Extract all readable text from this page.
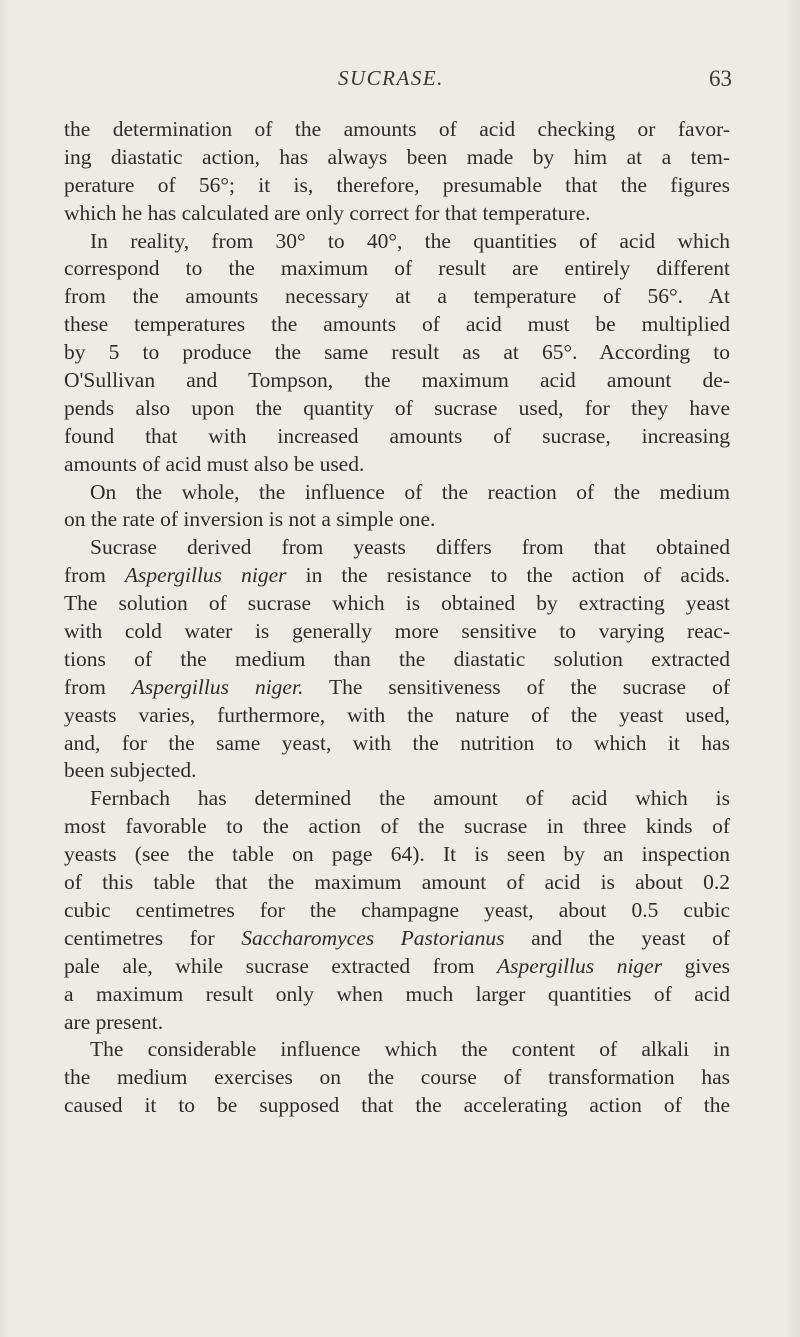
SUCRASE.	63
the determination of the amounts of acid checking or favor-
ing diastatic action, has always been made by him at a tem-
perature of 56°; it is, therefore, presumable that the figures
which he has calculated are only correct for that temperature.
In reality, from 30° to 40°, the quantities of acid which
correspond to the maximum of result are entirely different
from the amounts necessary at a temperature of 56°. At
these temperatures the amounts of acid must be multiplied
by 5 to produce the same result as at 65°. According to
O'Sullivan and Tompson, the maximum acid amount de-
pends also upon the quantity of sucrase used, for they have
found that with increased amounts of sucrase, increasing
amounts of acid must also be used.
On the whole, the influence of the reaction of the medium
on the rate of inversion is not a simple one.
Sucrase derived from yeasts differs from that obtained
from Aspergillus niger in the resistance to the action of acids.
The solution of sucrase which is obtained by extracting yeast
with cold water is generally more sensitive to varying reac-
tions of the medium than the diastatic solution extracted
from Aspergillus niger. The sensitiveness of the sucrase of
yeasts varies, furthermore, with the nature of the yeast used,
and, for the same yeast, with the nutrition to which it has
been subjected.
Fernbach has determined the amount of acid which is
most favorable to the action of the sucrase in three kinds of
yeasts (see the table on page 64). It is seen by an inspection
of this table that the maximum amount of acid is about 0.2
cubic centimetres for the champagne yeast, about 0.5 cubic
centimetres for Saccharomyces Pastorianus and the yeast of
pale ale, while sucrase extracted from Aspergillus niger gives
a maximum result only when much larger quantities of acid
are present.
The considerable influence which the content of alkali in
the medium exercises on the course of transformation has
caused it to be supposed that the accelerating action of the
